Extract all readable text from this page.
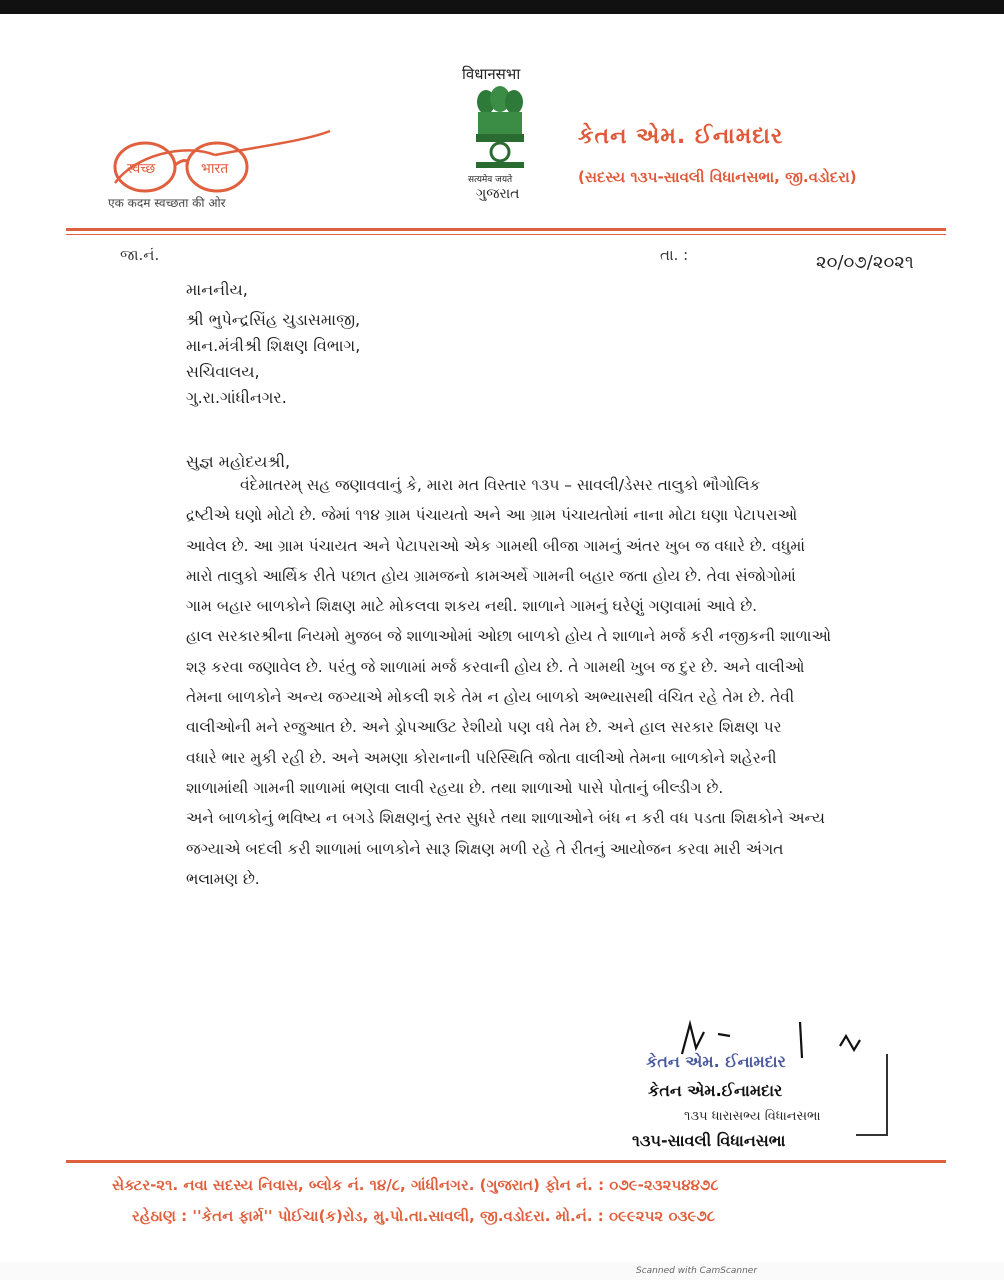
स्वच्छ	भारत
एक कदम स्वच्छता की ओर
विधानसभा
सत्यमेव जयते
ગુજરાત
કેતન એમ. ઈનામદાર
(સદસ્ય ૧૩૫-સાવલી વિધાનસભા, જી.વડોદરા)
જા.નં.	તા. :	૨૦/૦૭/૨૦૨૧
માનનીય,
શ્રી ભુપેન્દ્રસિંહ ચુડાસમાજી,
માન.મંત્રીશ્રી શિક્ષણ વિભાગ,
સચિવાલય,
ગુ.રા.ગાંધીનગર.
સુજ્ઞ મહોદયશ્રી,
વંદેમાતરમ્ સહ જણાવવાનું કે, મારા મત વિસ્તાર ૧૩૫ – સાવલી/ડેસર તાલુકો ભૌગોલિક
દ્રષ્ટીએ ઘણો મોટો છે. જેમાં ૧૧૪ ગ્રામ પંચાયતો અને આ ગ્રામ પંચાયતોમાં નાના મોટા ઘણા પેટાપરાઓ
આવેલ છે. આ ગ્રામ પંચાયત અને પેટાપરાઓ એક ગામથી બીજા ગામનું અંતર ખુબ જ વધારે છે. વધુમાં
મારો તાલુકો આર્થિક રીતે પછાત હોય ગ્રામજનો કામઅર્થે ગામની બહાર જતા હોય છે. તેવા સંજોગોમાં
ગામ બહાર બાળકોને શિક્ષણ માટે મોકલવા શકય નથી. શાળાને ગામનું ઘરેણું ગણવામાં આવે છે.
હાલ સરકારશ્રીના નિયમો મુજબ જે શાળાઓમાં ઓછા બાળકો હોય તે શાળાને મર્જ કરી નજીકની શાળાઓ
શરૂ કરવા જણાવેલ છે. પરંતુ જે શાળામાં મર્જ કરવાની હોય છે. તે ગામથી ખુબ જ દુર છે. અને વાલીઓ
તેમના બાળકોને અન્ય જગ્યાએ મોકલી શકે તેમ ન હોય બાળકો અભ્યાસથી વંચિત રહે તેમ છે. તેવી
વાલીઓની મને રજુઆત છે. અને ડ્રોપઆઉટ રેશીયો પણ વધે તેમ છે. અને હાલ સરકાર શિક્ષણ પર
વધારે ભાર મુકી રહી છે. અને અમણા કોરાનાની પરિસ્થિતિ જોતા વાલીઓ તેમના બાળકોને શહેરની
શાળામાંથી ગામની શાળામાં ભણવા લાવી રહયા છે. તથા શાળાઓ પાસે પોતાનું બીલ્ડીગ છે.
અને બાળકોનું ભવિષ્ય ન બગડે શિક્ષણનું સ્તર સુધરે તથા શાળાઓને બંધ ન કરી વધ પડતા શિક્ષકોને અન્ય
જગ્યાએ બદલી કરી શાળામાં બાળકોને સારૂ શિક્ષણ મળી રહે તે રીતનું આયોજન કરવા મારી અંગત
ભલામણ છે.
કેતન એમ. ઈનામદાર
કેતન એમ.ઈનામદાર
૧૩૫ ધારાસભ્ય વિધાનસભા
૧૩૫-સાવલી વિધાનસભા
સેક્ટર-૨૧. નવા સદસ્ય નિવાસ, બ્લોક નં. ૧૪/૮, ગાંધીનગર. (ગુજરાત) ફોન નં. : ૦૭૯-૨૩૨૫૪૪૭૮
રહેઠાણ : ''કેતન ફાર્મ'' પોઈચા(ક)રોડ, મુ.પો.તા.સાવલી, જી.વડોદરા. મો.નં. : ૦૯૯૨૫૨ ૦૩૯૭૮
Scanned with CamScanner
